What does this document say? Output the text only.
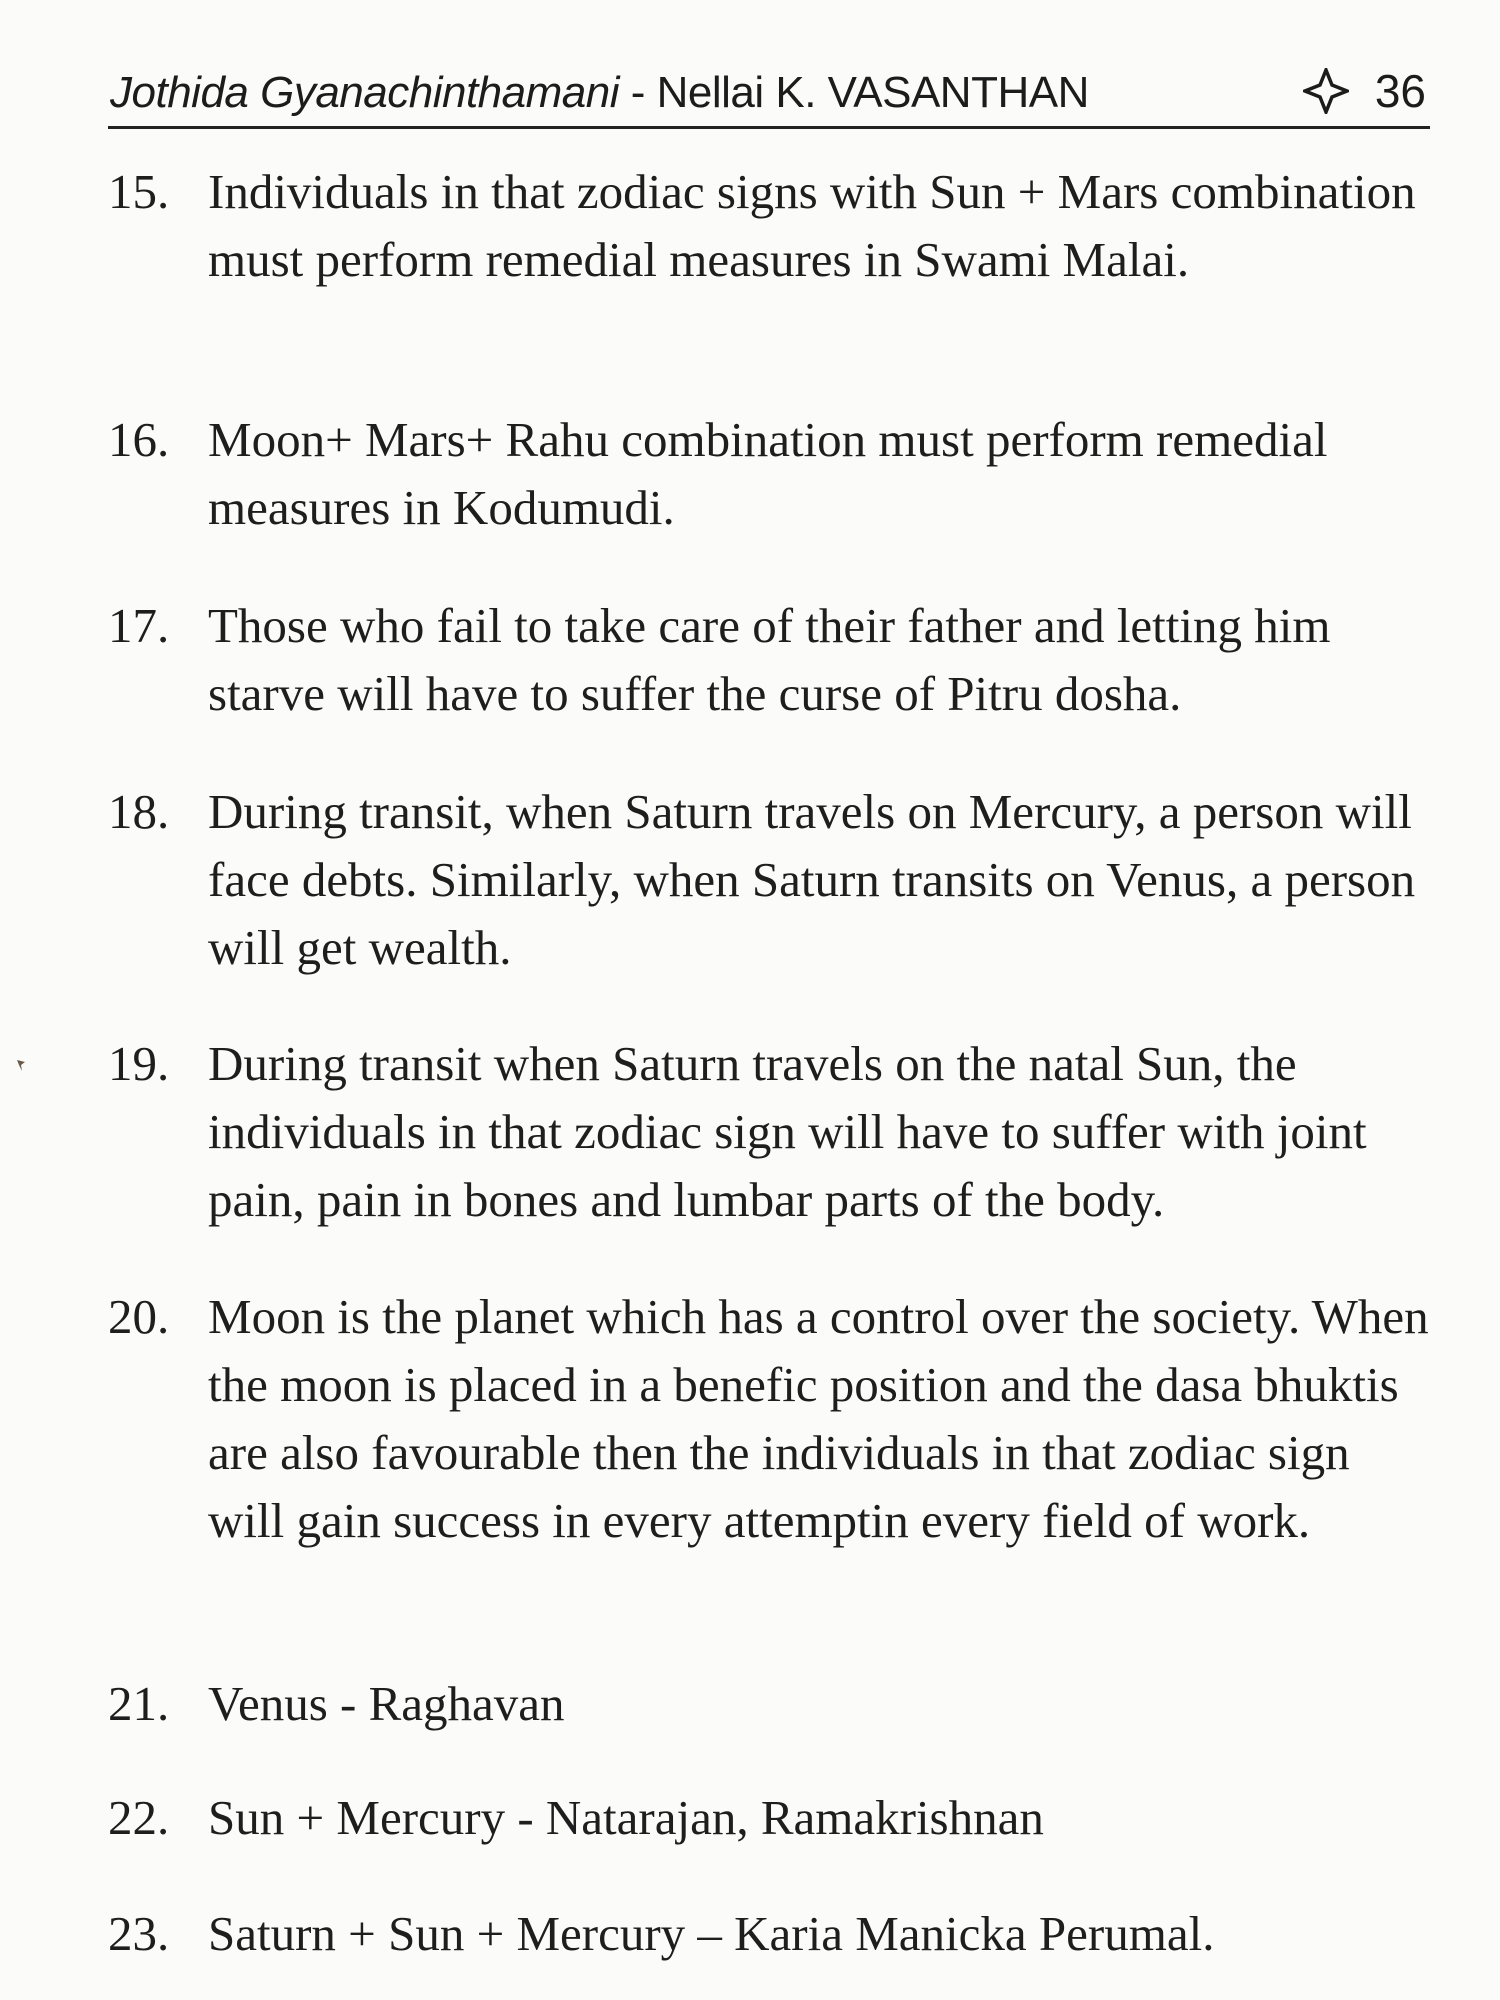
Jothida Gyanachinthamani - Nellai K. VASANTHAN	36
15. Individuals in that zodiac signs with Sun + Mars combination must perform remedial measures in Swami Malai.
16. Moon+ Mars+ Rahu combination must perform remedial measures in Kodumudi.
17. Those who fail to take care of their father and letting him starve will have to suffer the curse of Pitru dosha.
18. During transit, when Saturn travels on Mercury, a person will face debts. Similarly, when Saturn transits on Venus, a person will get wealth.
19. During transit when Saturn travels on the natal Sun, the individuals in that zodiac sign will have to suffer with joint pain, pain in bones and lumbar parts of the body.
20. Moon is the planet which has a control over the society. When the moon is placed in a benefic position and the dasa bhuktis are also favourable then the individuals in that zodiac sign will gain success in every attemptin every field of work.
21. Venus - Raghavan
22. Sun + Mercury - Natarajan, Ramakrishnan
23. Saturn + Sun + Mercury – Karia Manicka Perumal.
